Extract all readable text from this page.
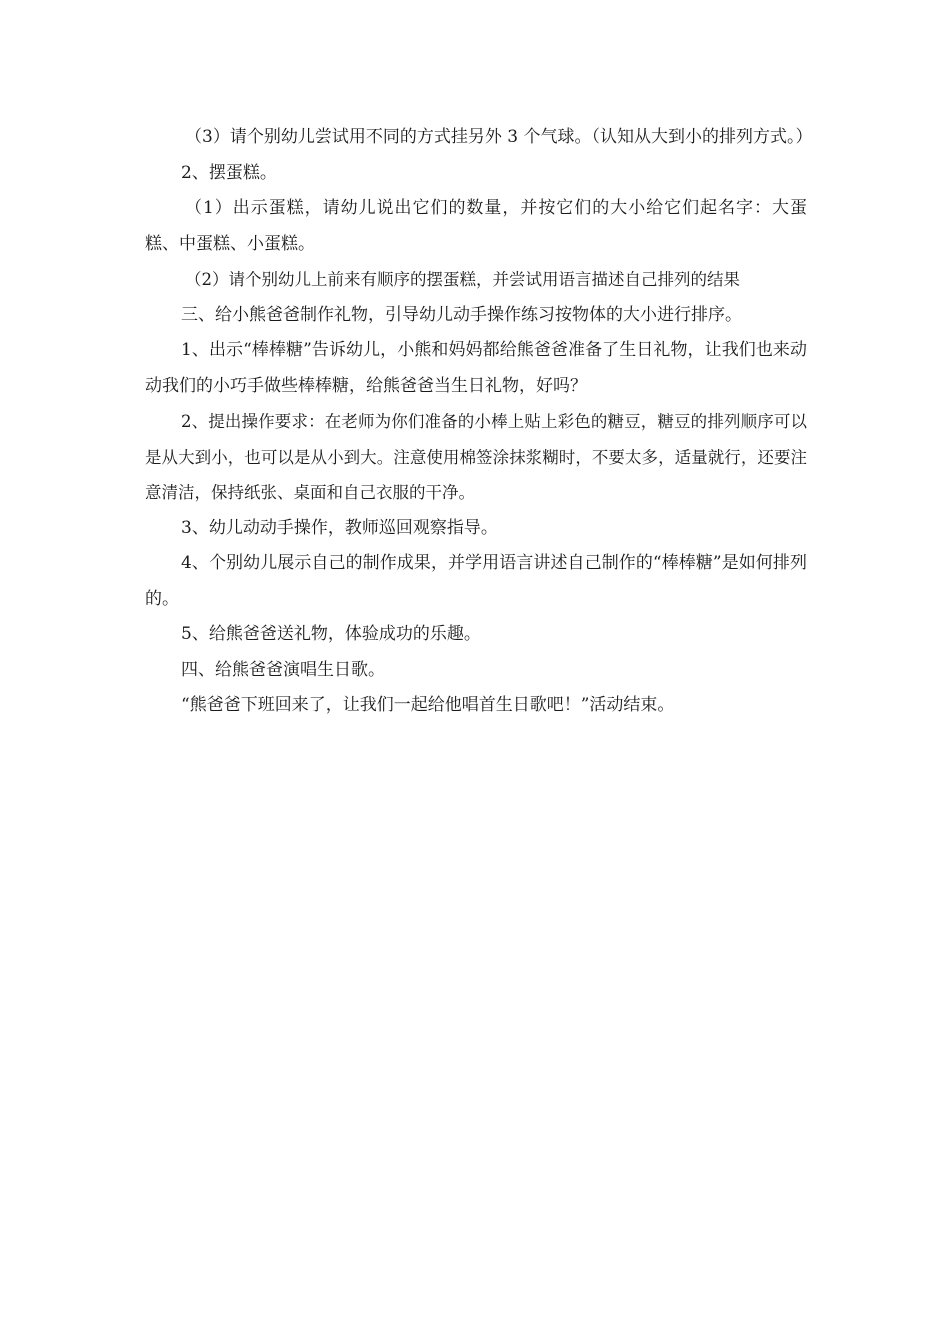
（3）请个别幼儿尝试用不同的方式挂另外 3 个气球。（认知从大到小的排列方式。）

2、摆蛋糕。

（1）出示蛋糕，请幼儿说出它们的数量，并按它们的大小给它们起名字：大蛋糕、中蛋糕、小蛋糕。

（2）请个别幼儿上前来有顺序的摆蛋糕，并尝试用语言描述自己排列的结果

三、给小熊爸爸制作礼物，引导幼儿动手操作练习按物体的大小进行排序。

1、出示“棒棒糖”告诉幼儿，小熊和妈妈都给熊爸爸准备了生日礼物，让我们也来动动我们的小巧手做些棒棒糖，给熊爸爸当生日礼物，好吗？

2、提出操作要求：在老师为你们准备的小棒上贴上彩色的糖豆，糖豆的排列顺序可以是从大到小，也可以是从小到大。注意使用棉签涂抹浆糊时，不要太多，适量就行，还要注意清洁，保持纸张、桌面和自己衣服的干净。

3、幼儿动动手操作，教师巡回观察指导。

4、个别幼儿展示自己的制作成果，并学用语言讲述自己制作的“棒棒糖”是如何排列的。

5、给熊爸爸送礼物，体验成功的乐趣。

四、给熊爸爸演唱生日歌。

“熊爸爸下班回来了，让我们一起给他唱首生日歌吧！”活动结束。
